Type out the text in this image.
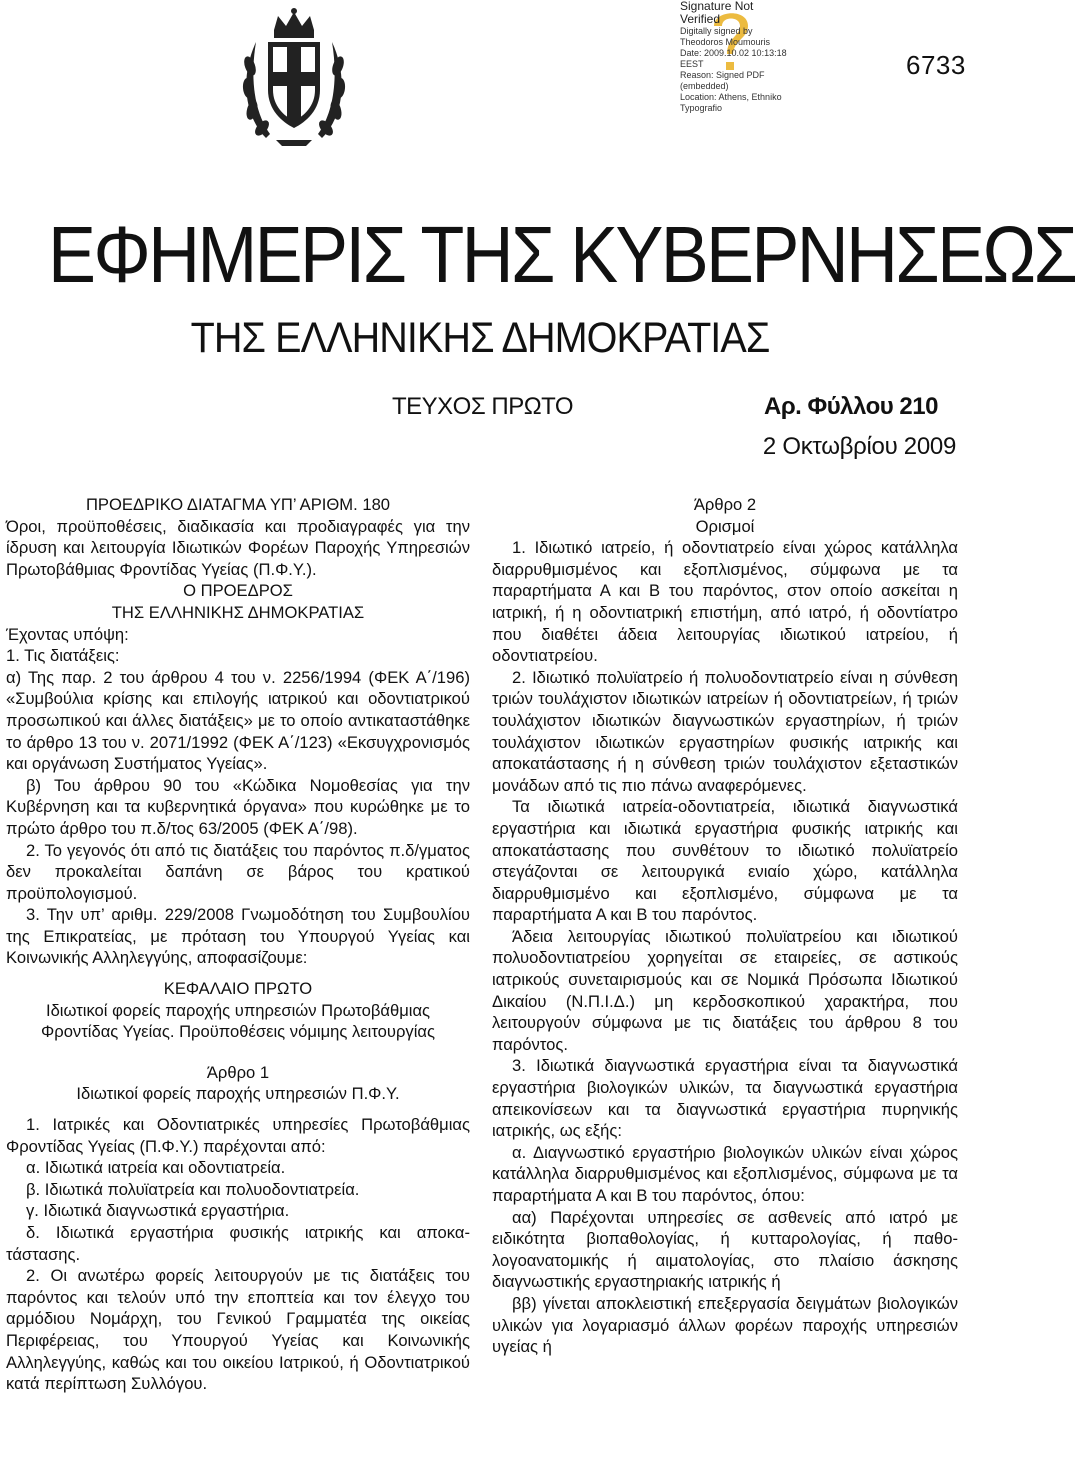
Signature Not Verified
Digitally signed by
Theodoros Moumouris
Date: 2009.10.02 10:13:18
EEST
Reason: Signed PDF
(embedded)
Location: Athens, Ethniko
Typografio
6733
ΕΦΗΜΕΡΙΣ ΤΗΣ ΚΥΒΕΡΝΗΣΕΩΣ
ΤΗΣ ΕΛΛΗΝΙΚΗΣ ΔΗΜΟΚΡΑΤΙΑΣ
ΤΕΥΧΟΣ ΠΡΩΤΟ	Αρ. Φύλλου 210
2 Οκτωβρίου 2009

ΠΡΟΕΔΡΙΚΟ ΔΙΑΤΑΓΜΑ ΥΠ’ ΑΡΙΘΜ. 180

Όροι, προϋποθέσεις, διαδικασία και προδιαγραφές για την ίδρυση και λειτουργία Ιδιωτικών Φορέων Παροχής Υπηρεσιών Πρωτοβάθμιας Φροντίδας Υγείας (Π.Φ.Υ.).

Ο ΠΡΟΕΔΡΟΣ

ΤΗΣ ΕΛΛΗΝΙΚΗΣ ΔΗΜΟΚΡΑΤΙΑΣ

Έχοντας υπόψη:

1. Τις διατάξεις:

α) Της παρ. 2 του άρθρου 4 του ν. 2256/1994 (ΦΕΚ Α΄/196) «Συμβούλια κρίσης και επιλογής ιατρικού και οδοντιατρικού προσωπικού και άλλες διατάξεις» με το οποίο αντικαταστάθηκε το άρθρο 13 του ν. 2071/1992 (ΦΕΚ Α΄/123) «Εκσυγχρονισμός και οργάνωση Συστήματος Υγείας».

β) Του άρθρου 90 του «Κώδικα Νομοθεσίας για την Κυβέρνηση και τα κυβερνητικά όργανα» που κυρώθηκε με το πρώτο άρθρο του π.δ/τος 63/2005 (ΦΕΚ Α΄/98).

2. Το γεγονός ότι από τις διατάξεις του παρόντος π.δ/γματος δεν προκαλείται δαπάνη σε βάρος του κρατικού προϋπολογισμού.

3. Την υπ’ αριθμ. 229/2008 Γνωμοδότηση του Συμβουλίου της Επικρατείας, με πρόταση του Υπουργού Υγείας και Κοινωνικής Αλληλεγγύης, αποφασίζουμε:

ΚΕΦΑΛΑΙΟ ΠΡΩΤΟ

Ιδιωτικοί φορείς παροχής υπηρεσιών Πρωτοβάθμιας Φροντίδας Υγείας. Προϋποθέσεις νόμιμης λειτουργίας

Άρθρο 1

Ιδιωτικοί φορείς παροχής υπηρεσιών Π.Φ.Υ.

1. Ιατρικές και Οδοντιατρικές υπηρεσίες Πρωτοβάθμιας Φροντίδας Υγείας (Π.Φ.Υ.) παρέχονται από:

α. Ιδιωτικά ιατρεία και οδοντιατρεία.

β. Ιδιωτικά πολυϊατρεία και πολυοδοντιατρεία.

γ. Ιδιωτικά διαγνωστικά εργαστήρια.

δ. Ιδιωτικά εργαστήρια φυσικής ιατρικής και αποκατάστασης.

2. Οι ανωτέρω φορείς λειτουργούν με τις διατάξεις του παρόντος και τελούν υπό την εποπτεία και τον έλεγχο του αρμόδιου Νομάρχη, του Γενικού Γραμματέα της οικείας Περιφέρειας, του Υπουργού Υγείας και Κοινωνικής Αλληλεγγύης, καθώς και του οικείου Ιατρικού, ή Οδοντιατρικού κατά περίπτωση Συλλόγου.

Άρθρο 2

Ορισμοί

1. Ιδιωτικό ιατρείο, ή οδοντιατρείο είναι χώρος κατάλληλα διαρρυθμισμένος και εξοπλισμένος, σύμφωνα με τα παραρτήματα Α και Β του παρόντος, στον οποίο ασκείται η ιατρική, ή η οδοντιατρική επιστήμη, από ιατρό, ή οδοντίατρο που διαθέτει άδεια λειτουργίας ιδιωτικού ιατρείου, ή οδοντιατρείου.

2. Ιδιωτικό πολυϊατρείο ή πολυοδοντιατρείο είναι η σύνθεση τριών τουλάχιστον ιδιωτικών ιατρείων ή οδοντιατρείων, ή τριών τουλάχιστον ιδιωτικών διαγνωστικών εργαστηρίων, ή τριών τουλάχιστον ιδιωτικών εργαστηρίων φυσικής ιατρικής και αποκατάστασης ή η σύνθεση τριών τουλάχιστον εξεταστικών μονάδων από τις πιο πάνω αναφερόμενες.

Τα ιδιωτικά ιατρεία-οδοντιατρεία, ιδιωτικά διαγνωστικά εργαστήρια και ιδιωτικά εργαστήρια φυσικής ιατρικής και αποκατάστασης που συνθέτουν το ιδιωτικό πολυϊατρείο στεγάζονται σε λειτουργικά ενιαίο χώρο, κατάλληλα διαρρυθμισμένο και εξοπλισμένο, σύμφωνα με τα παραρτήματα Α και Β του παρόντος.

Άδεια λειτουργίας ιδιωτικού πολυϊατρείου και ιδιωτικού πολυοδοντιατρείου χορηγείται σε εταιρείες, σε αστικούς ιατρικούς συνεταιρισμούς και σε Νομικά Πρόσωπα Ιδιωτικού Δικαίου (Ν.Π.Ι.Δ.) μη κερδοσκοπικού χαρακτήρα, που λειτουργούν σύμφωνα με τις διατάξεις του άρθρου 8 του παρόντος.

3. Ιδιωτικά διαγνωστικά εργαστήρια είναι τα διαγνωστικά εργαστήρια βιολογικών υλικών, τα διαγνωστικά εργαστήρια απεικονίσεων και τα διαγνωστικά εργαστήρια πυρηνικής ιατρικής, ως εξής:

α. Διαγνωστικό εργαστήριο βιολογικών υλικών είναι χώρος κατάλληλα διαρρυθμισμένος και εξοπλισμένος, σύμφωνα με τα παραρτήματα Α και Β του παρόντος, όπου:

αα) Παρέχονται υπηρεσίες σε ασθενείς από ιατρό με ειδικότητα βιοπαθολογίας, ή κυτταρολογίας, ή παθολογοανατομικής ή αιματολογίας, στο πλαίσιο άσκησης διαγνωστικής εργαστηριακής ιατρικής ή

ββ) γίνεται αποκλειστική επεξεργασία δειγμάτων βιολογικών υλικών για λογαριασμό άλλων φορέων παροχής υπηρεσιών υγείας ή
